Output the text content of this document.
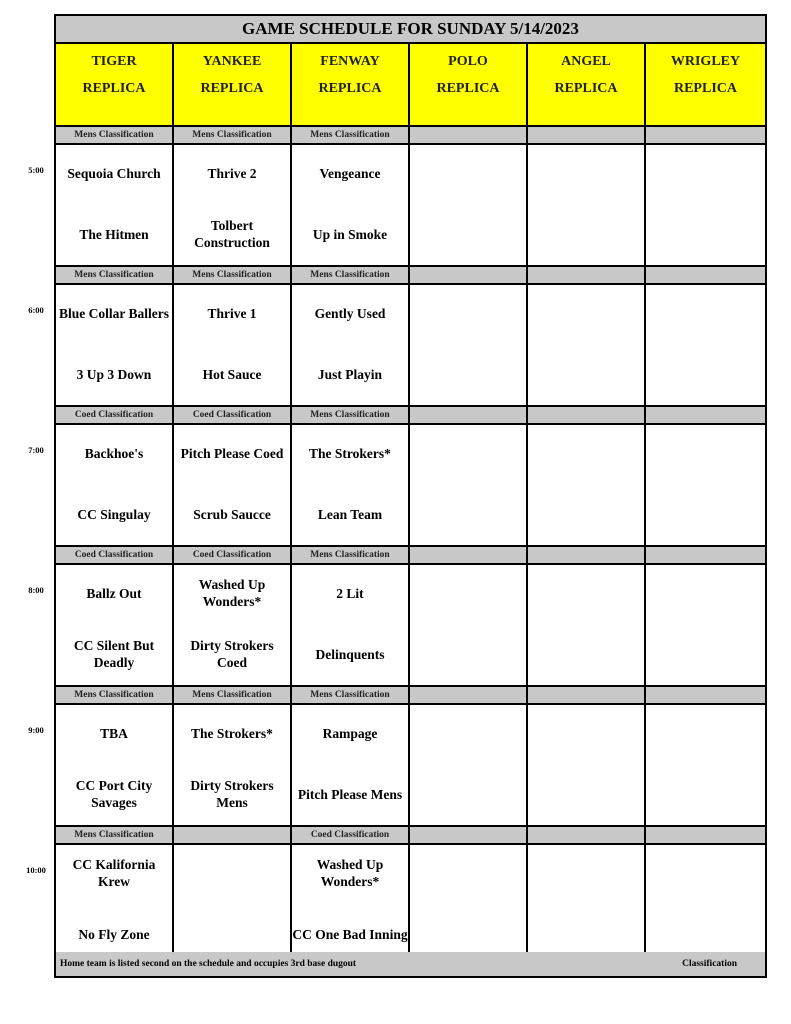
GAME SCHEDULE FOR SUNDAY 5/14/2023
TIGER
REPLICA
YANKEE
REPLICA
FENWAY
REPLICA
POLO
REPLICA
ANGEL
REPLICA
WRIGLEY
REPLICA
Mens Classification
Sequoia Church
The Hitmen
Mens Classification
Thrive 2
Tolbert Construction
Mens Classification
Vengeance
Up in Smoke
Mens Classification
Blue Collar Ballers
3 Up 3 Down
Mens Classification
Thrive 1
Hot Sauce
Mens Classification
Gently Used
Just Playin
Coed Classification
Backhoe's
CC Singulay
Coed Classification
Pitch Please Coed
Scrub Saucce
Mens Classification
The Strokers*
Lean Team
Coed Classification
Ballz Out
CC Silent But Deadly
Coed Classification
Washed Up Wonders*
Dirty Strokers Coed
Mens Classification
2 Lit
Delinquents
Mens Classification
TBA
CC Port City Savages
Mens Classification
The Strokers*
Dirty Strokers Mens
Mens Classification
Rampage
Pitch Please Mens
Mens Classification
CC Kalifornia Krew
No Fly Zone
Coed Classification
Washed Up Wonders*
CC One Bad Inning
Home team is listed second on the schedule and occupies 3rd base dugout	Classification
5:00
6:00
7:00
8:00
9:00
10:00
